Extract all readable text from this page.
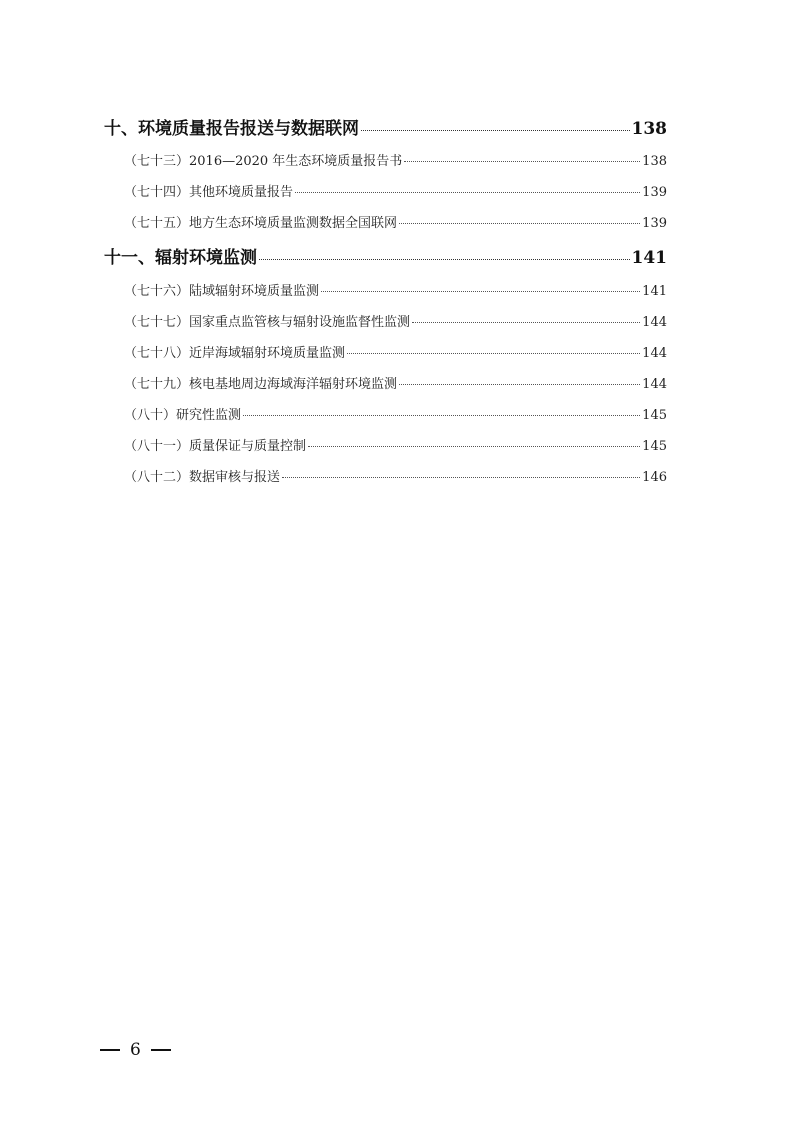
十、环境质量报告报送与数据联网	138
（七十三）2016—2020 年生态环境质量报告书	138
（七十四）其他环境质量报告	139
（七十五）地方生态环境质量监测数据全国联网	139
十一、辐射环境监测	141
（七十六）陆域辐射环境质量监测	141
（七十七）国家重点监管核与辐射设施监督性监测	144
（七十八）近岸海域辐射环境质量监测	144
（七十九）核电基地周边海域海洋辐射环境监测	144
（八十）研究性监测	145
（八十一）质量保证与质量控制	145
（八十二）数据审核与报送	146
6
